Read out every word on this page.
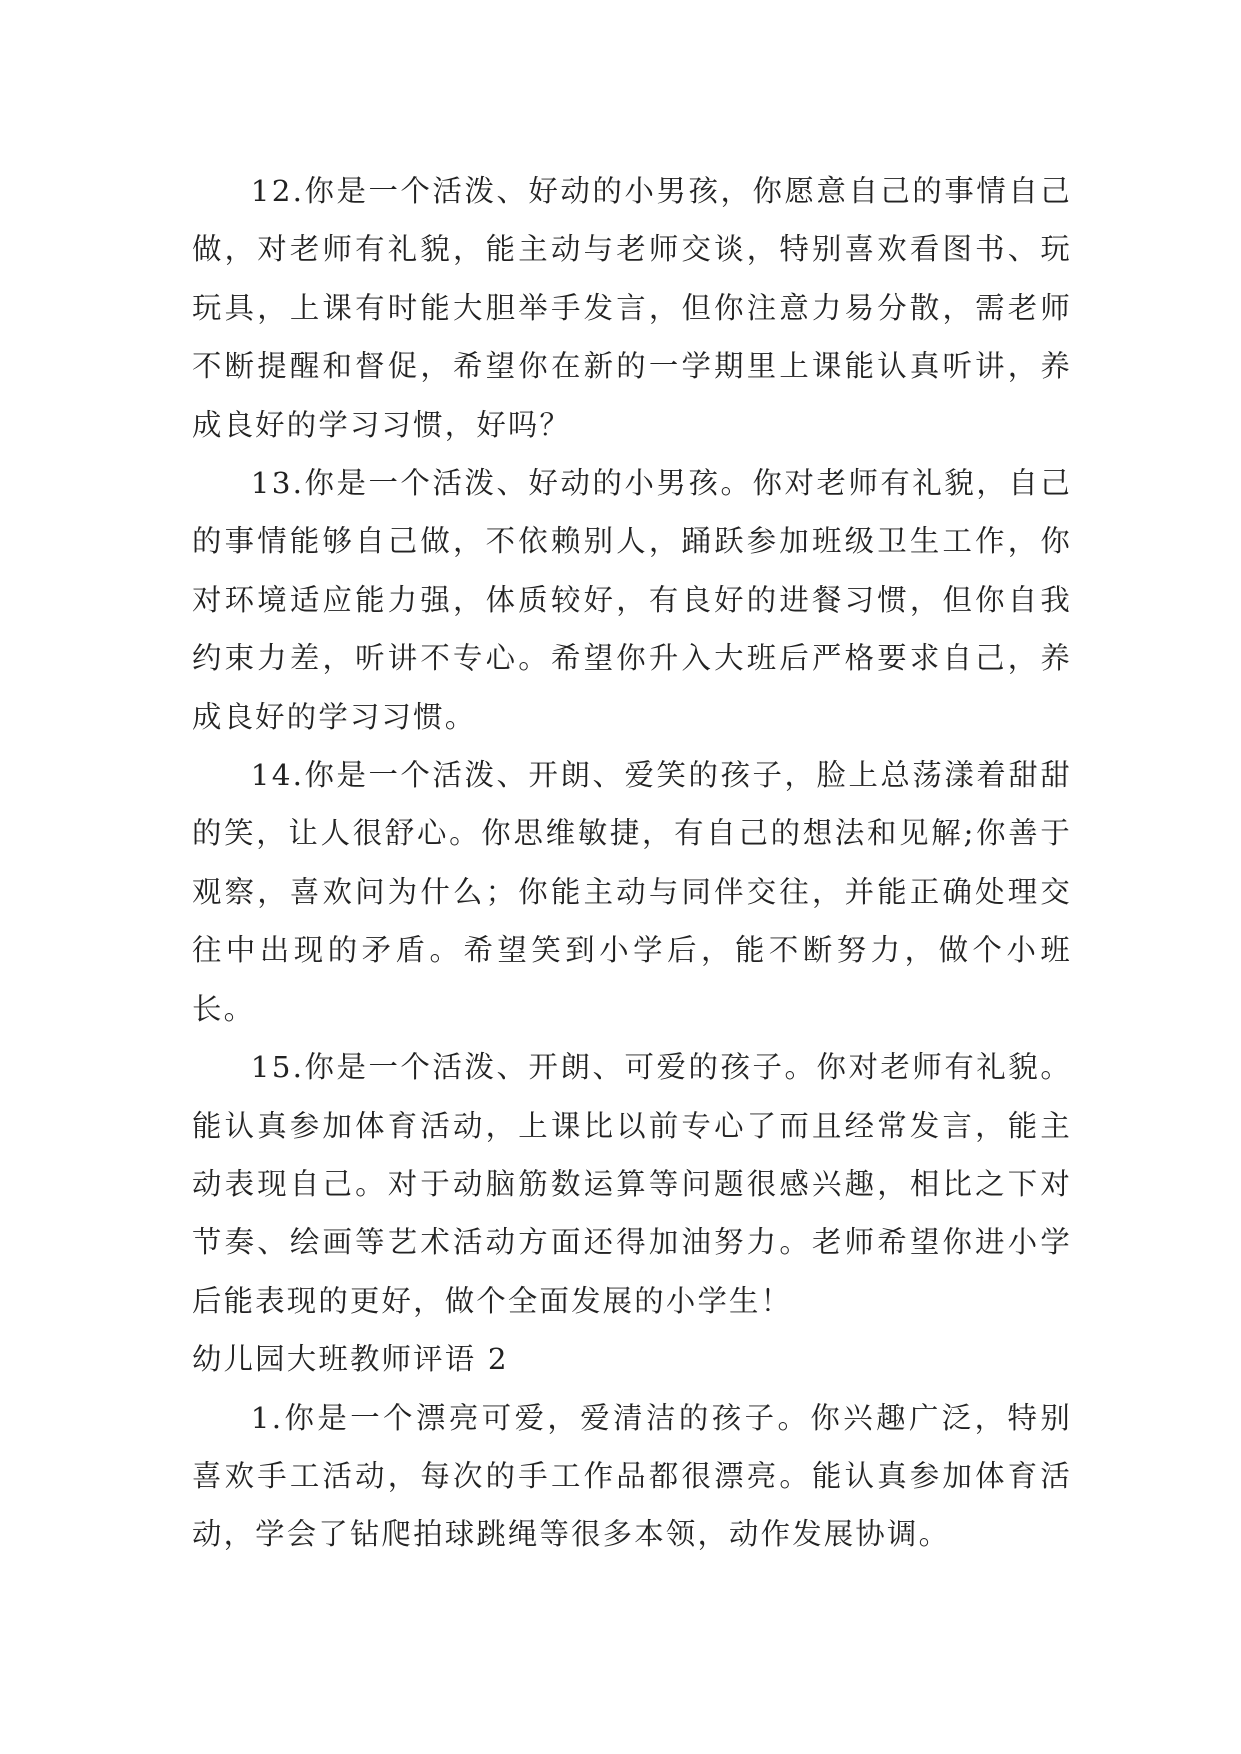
12.你是一个活泼、好动的小男孩，你愿意自己的事情自己做，对老师有礼貌，能主动与老师交谈，特别喜欢看图书、玩玩具，上课有时能大胆举手发言，但你注意力易分散，需老师不断提醒和督促，希望你在新的一学期里上课能认真听讲，养成良好的学习习惯，好吗？

13.你是一个活泼、好动的小男孩。你对老师有礼貌，自己的事情能够自己做，不依赖别人，踊跃参加班级卫生工作，你对环境适应能力强，体质较好，有良好的进餐习惯，但你自我约束力差，听讲不专心。希望你升入大班后严格要求自己，养成良好的学习习惯。

14.你是一个活泼、开朗、爱笑的孩子，脸上总荡漾着甜甜的笑，让人很舒心。你思维敏捷，有自己的想法和见解;你善于观察，喜欢问为什么；你能主动与同伴交往，并能正确处理交往中出现的矛盾。希望笑到小学后，能不断努力，做个小班长。

15.你是一个活泼、开朗、可爱的孩子。你对老师有礼貌。能认真参加体育活动，上课比以前专心了而且经常发言，能主动表现自己。对于动脑筋数运算等问题很感兴趣，相比之下对节奏、绘画等艺术活动方面还得加油努力。老师希望你进小学后能表现的更好，做个全面发展的小学生！

幼儿园大班教师评语 2

1.你是一个漂亮可爱，爱清洁的孩子。你兴趣广泛，特别喜欢手工活动，每次的手工作品都很漂亮。能认真参加体育活动，学会了钻爬拍球跳绳等很多本领，动作发展协调。
